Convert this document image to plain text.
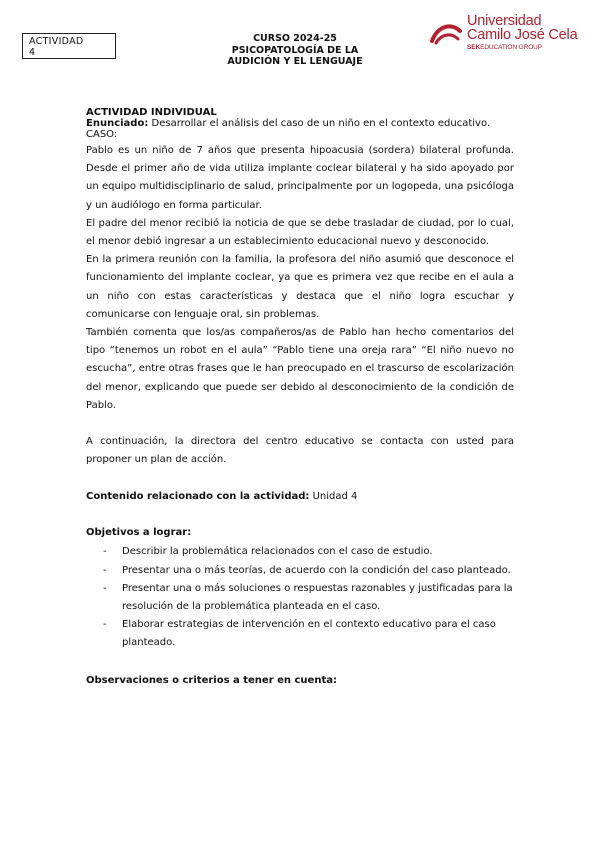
ACTIVIDAD
4
CURSO 2024-25
PSICOPATOLOGÍA DE LA
AUDICIÓN Y EL LENGUAJE
Universidad
Camilo José Cela
SEKEDUCATION GROUP
ACTIVIDAD INDIVIDUAL
Enunciado: Desarrollar el análisis del caso de un niño en el contexto educativo.
CASO:

Pablo es un niño de 7 años que presenta hipoacusia (sordera) bilateral profunda. Desde el primer año de vida utiliza implante coclear bilateral y ha sido apoyado por un equipo multidisciplinario de salud, principalmente por un logopeda, una psicóloga y un audiólogo en forma particular.

El padre del menor recibió la noticia de que se debe trasladar de ciudad, por lo cual, el menor debió ingresar a un establecimiento educacional nuevo y desconocido.

En la primera reunión con la familia, la profesora del niño asumió que desconoce el funcionamiento del implante coclear, ya que es primera vez que recibe en el aula a un niño con estas características y destaca que el niño logra escuchar y comunicarse con lenguaje oral, sin problemas.

También comenta que los/as compañeros/as de Pablo han hecho comentarios del tipo “tenemos un robot en el aula” “Pablo tiene una oreja rara” “El niño nuevo no escucha”, entre otras frases que le han preocupado en el trascurso de escolarización del menor, explicando que puede ser debido al desconocimiento de la condición de Pablo.

A continuación, la directora del centro educativo se contacta con usted para proponer un plan de acción.

Contenido relacionado con la actividad: Unidad 4

Objetivos a lograr:

- Describir la problemática relacionados con el caso de estudio.
- Presentar una o más teorías, de acuerdo con la condición del caso planteado.
- Presentar una o más soluciones o respuestas razonables y justificadas para la resolución de la problemática planteada en el caso.
- Elaborar estrategias de intervención en el contexto educativo para el caso planteado.

Observaciones o criterios a tener en cuenta:
